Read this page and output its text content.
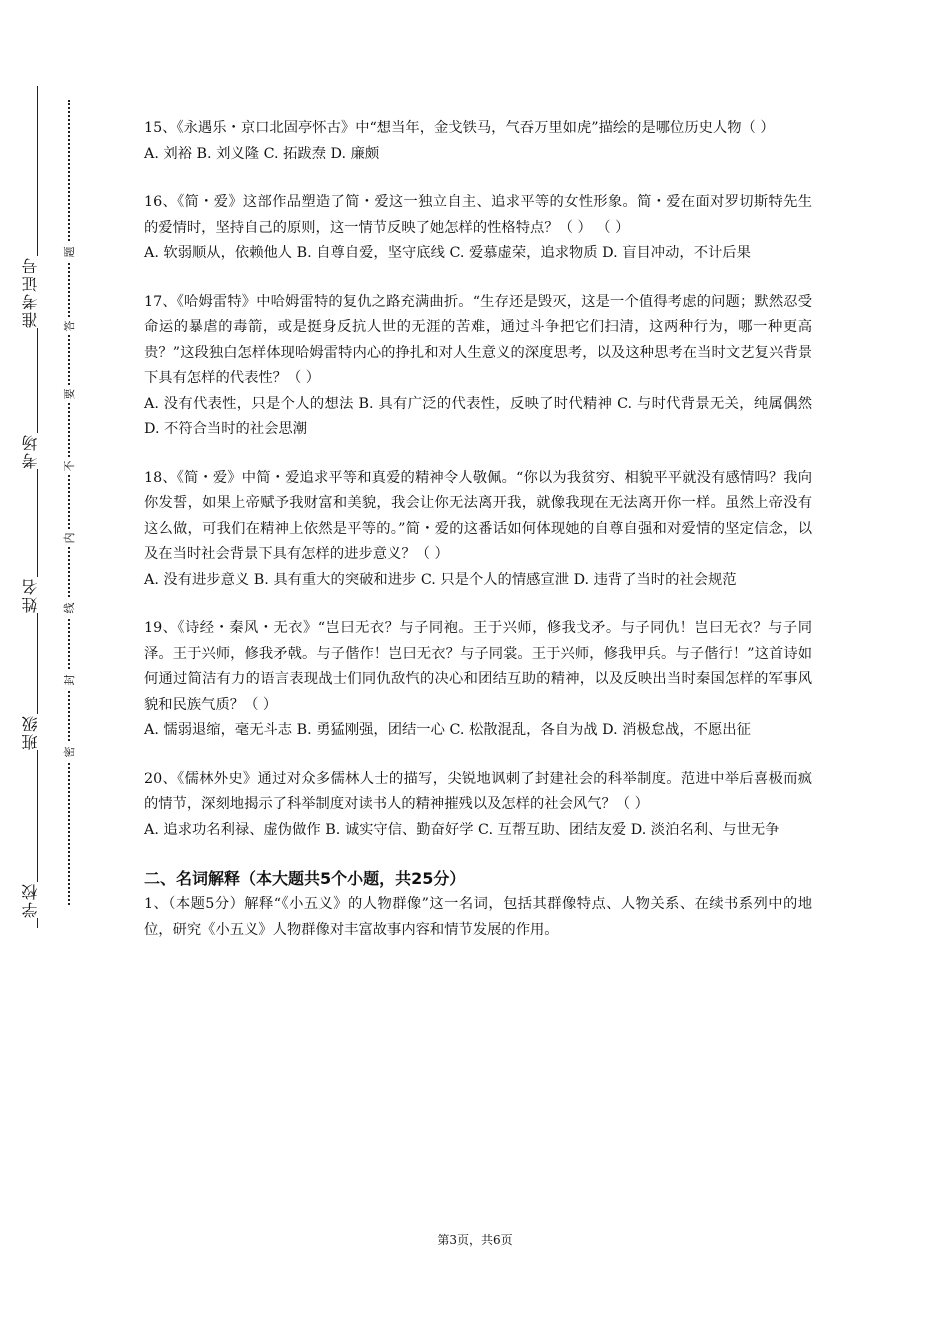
准考证号
考场
姓名
班级
学校
题
答
要
不
内
线
封
密

15、《永遇乐・京口北固亭怀古》中“想当年，金戈铁马，气吞万里如虎”描绘的是哪位历史人物（ ）

A. 刘裕 B. 刘义隆 C. 拓跋焘 D. 廉颇

16、《简・爱》这部作品塑造了简・爱这一独立自主、追求平等的女性形象。简・爱在面对罗切斯特先生的爱情时，坚持自己的原则，这一情节反映了她怎样的性格特点？（ ） （ ）

A. 软弱顺从，依赖他人 B. 自尊自爱，坚守底线 C. 爱慕虚荣，追求物质 D. 盲目冲动，不计后果

17、《哈姆雷特》中哈姆雷特的复仇之路充满曲折。“生存还是毁灭，这是一个值得考虑的问题；默然忍受命运的暴虐的毒箭，或是挺身反抗人世的无涯的苦难，通过斗争把它们扫清，这两种行为，哪一种更高贵？”这段独白怎样体现哈姆雷特内心的挣扎和对人生意义的深度思考，以及这种思考在当时文艺复兴背景下具有怎样的代表性？（ ）

A. 没有代表性，只是个人的想法 B. 具有广泛的代表性，反映了时代精神 C. 与时代背景无关，纯属偶然 D. 不符合当时的社会思潮

18、《简・爱》中简・爱追求平等和真爱的精神令人敬佩。“你以为我贫穷、相貌平平就没有感情吗？我向你发誓，如果上帝赋予我财富和美貌，我会让你无法离开我，就像我现在无法离开你一样。虽然上帝没有这么做，可我们在精神上依然是平等的。”简・爱的这番话如何体现她的自尊自强和对爱情的坚定信念，以及在当时社会背景下具有怎样的进步意义？（ ）

A. 没有进步意义 B. 具有重大的突破和进步 C. 只是个人的情感宣泄 D. 违背了当时的社会规范

19、《诗经・秦风・无衣》“岂曰无衣？与子同袍。王于兴师，修我戈矛。与子同仇！岂曰无衣？与子同泽。王于兴师，修我矛戟。与子偕作！岂曰无衣？与子同裳。王于兴师，修我甲兵。与子偕行！”这首诗如何通过简洁有力的语言表现战士们同仇敌忾的决心和团结互助的精神，以及反映出当时秦国怎样的军事风貌和民族气质？（ ）

A. 懦弱退缩，毫无斗志 B. 勇猛刚强，团结一心 C. 松散混乱，各自为战 D. 消极怠战，不愿出征

20、《儒林外史》通过对众多儒林人士的描写，尖锐地讽刺了封建社会的科举制度。范进中举后喜极而疯的情节，深刻地揭示了科举制度对读书人的精神摧残以及怎样的社会风气？（ ）

A. 追求功名利禄、虚伪做作 B. 诚实守信、勤奋好学 C. 互帮互助、团结友爱 D. 淡泊名利、与世无争

二、名词解释（本大题共5个小题，共25分）

1、（本题5分）解释“《小五义》的人物群像”这一名词，包括其群像特点、人物关系、在续书系列中的地位，研究《小五义》人物群像对丰富故事内容和情节发展的作用。

第3页，共6页
